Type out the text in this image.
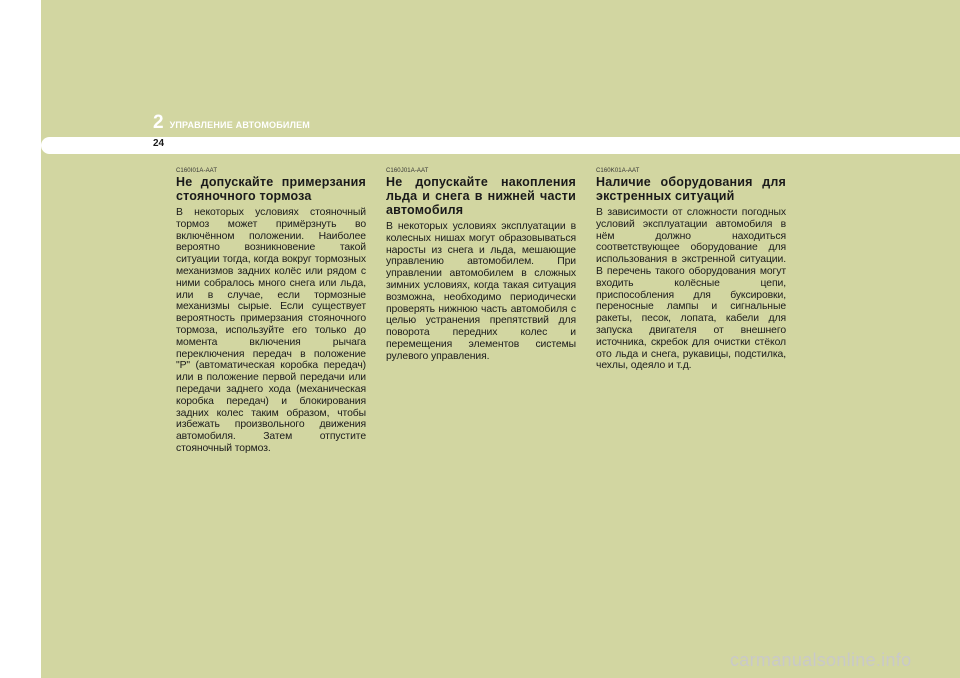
2 УПРАВЛЕНИЕ АВТОМОБИЛЕМ
24
C160I01A-AAT
Не допускайте примерзания стояночного тормоза

В некоторых условиях стояночный тормоз может примёрзнуть во включённом положении. Наиболее вероятно возникновение такой ситуации тогда, когда вокруг тормозных механизмов задних колёс или рядом с ними собралось много снега или льда, или в случае, если тормозные механизмы сырые. Если существует вероятность примерзания стояночного тормоза, используйте его только до момента включения рычага переключения передач в положение "P" (автоматическая коробка передач) или в положение первой передачи или передачи заднего хода (механическая коробка передач) и блокирования задних колес таким образом, чтобы избежать произвольного движения автомобиля. Затем отпустите стояночный тормоз.

C160J01A-AAT
Не допускайте накопления льда и снега в нижней части автомобиля

В некоторых условиях эксплуатации в колесных нишах могут образовываться наросты из снега и льда, мешающие управлению автомобилем. При управлении автомобилем в сложных зимних условиях, когда такая ситуация возможна, необходимо периодически проверять нижнюю часть автомобиля с целью устранения препятствий для поворота передних колес и перемещения элементов системы рулевого управления.

C160K01A-AAT
Наличие оборудования для экстренных ситуаций

В зависимости от сложности погодных условий эксплуатации автомобиля в нём должно находиться соответствующее оборудование для использования в экстренной ситуации. В перечень такого оборудования могут входить колёсные цепи, приспособления для буксировки, переносные лампы и сигнальные ракеты, песок, лопата, кабели для запуска двигателя от внешнего источника, скребок для очистки стёкол ото льда и снега, рукавицы, подстилка, чехлы, одеяло и т.д.

carmanualsonline.info
